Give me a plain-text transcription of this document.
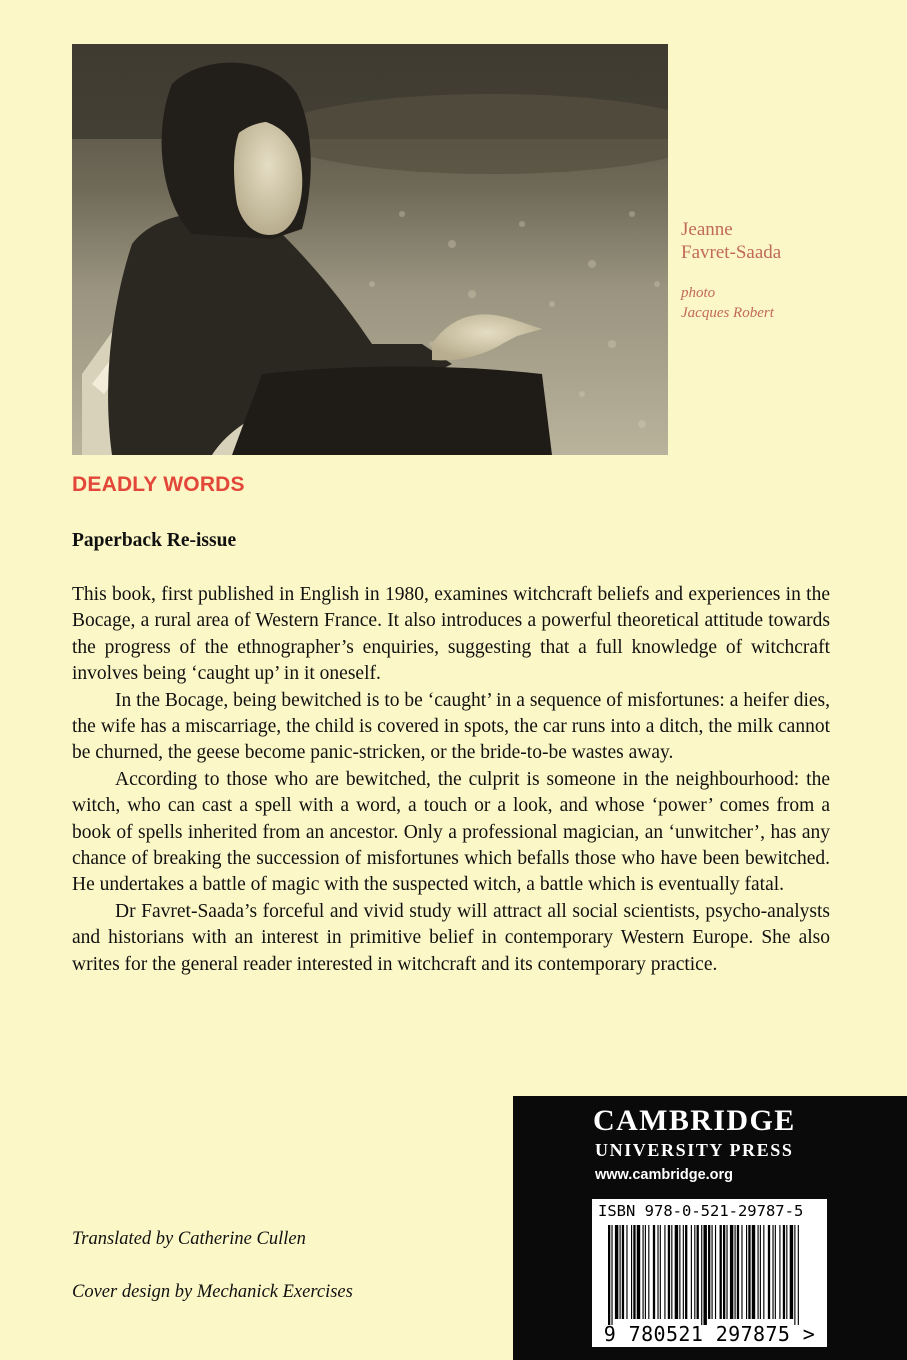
Jeanne
Favret-Saada
photo
Jacques Robert
DEADLY WORDS
Paperback Re-issue

This book, first published in English in 1980, examines witchcraft beliefs and experiences in the Bocage, a rural area of Western France. It also introduces a powerful theoretical attitude towards the progress of the ethnographer’s enquiries, suggesting that a full knowledge of witchcraft involves being ‘caught up’ in it oneself.

In the Bocage, being bewitched is to be ‘caught’ in a sequence of misfortunes: a heifer dies, the wife has a miscarriage, the child is covered in spots, the car runs into a ditch, the milk cannot be churned, the geese become panic-stricken, or the bride-to-be wastes away.

According to those who are bewitched, the culprit is someone in the neighbourhood: the witch, who can cast a spell with a word, a touch or a look, and whose ‘power’ comes from a book of spells inherited from an ancestor. Only a professional magician, an ‘unwitcher’, has any chance of breaking the succession of misfortunes which befalls those who have been bewitched. He undertakes a battle of magic with the suspected witch, a battle which is eventually fatal.

Dr Favret-Saada’s forceful and vivid study will attract all social scientists, psycho-analysts and historians with an interest in primitive belief in contemporary Western Europe. She also writes for the general reader interested in witchcraft and its contemporary practice.

Translated by Catherine Cullen
Cover design by Mechanick Exercises
CAMBRIDGE
UNIVERSITY PRESS
www.cambridge.org
ISBN 978-0-521-29787-5
9 780521 297875 >
